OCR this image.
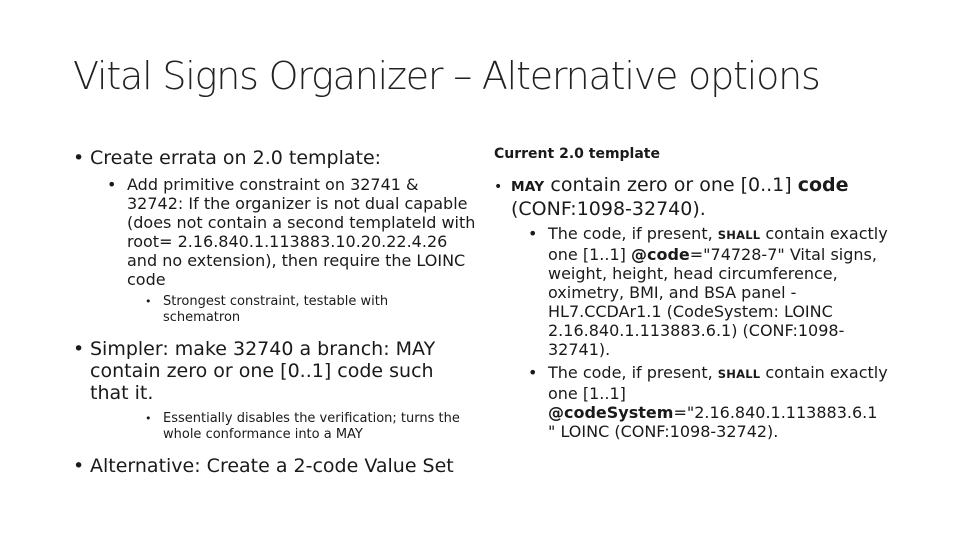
Vital Signs Organizer – Alternative options
• Create errata on 2.0 template:
• Add primitive constraint on 32741 & 32742: If the organizer is not dual capable (does not contain a second templateId with root= 2.16.840.1.113883.10.20.22.4.26 and no extension), then require the LOINC code
• Strongest constraint, testable with schematron
• Simpler: make 32740 a branch: MAY contain zero or one [0..1] code such that it.
• Essentially disables the verification; turns the whole conformance into a MAY
• Alternative: Create a 2-code Value Set
Current 2.0 template
• MAY contain zero or one [0..1] code (CONF:1098-32740).
• The code, if present, SHALL contain exactly one [1..1] @code="74728-7" Vital signs, weight, height, head circumference, oximetry, BMI, and BSA panel - HL7.CCDAr1.1 (CodeSystem: LOINC 2.16.840.1.113883.6.1) (CONF:1098-32741).
• The code, if present, SHALL contain exactly one [1..1] @codeSystem="2.16.840.1.113883.6.1 " LOINC (CONF:1098-32742).
